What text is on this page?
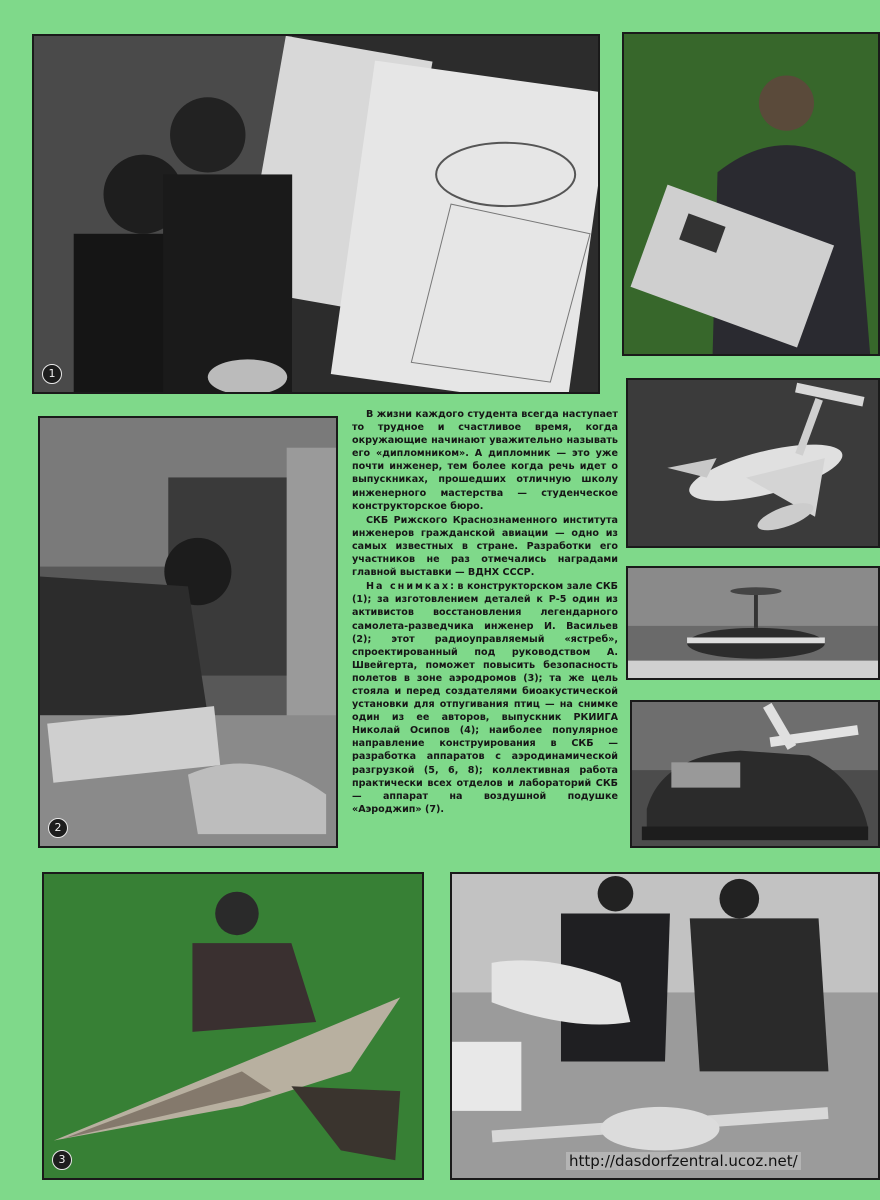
1
2
3

В жизни каждого студента всегда наступает то трудное и счастливое время, когда окружающие начинают уважительно называть его «дипломником». А дипломник — это уже почти инженер, тем более когда речь идет о выпускниках, прошедших отличную школу инженерного мастерства — студенческое конструкторское бюро.

СКБ Рижского Краснознаменного института инженеров гражданской авиации — одно из самых известных в стране. Разработки его участников не раз отмечались наградами главной выставки — ВДНХ СССР.

На снимках: в конструкторском зале СКБ (1); за изготовлением деталей к Р-5 один из активистов восстановления легендарного самолета-разведчика инженер И. Васильев (2); этот радиоуправляемый «ястреб», спроектированный под руководством А. Швейгерта, поможет повысить безопасность полетов в зоне аэродромов (3); та же цель стояла и перед создателями биоакустической установки для отпугивания птиц — на снимке один из ее авторов, выпускник РКИИГА Николай Осипов (4); наиболее популярное направление конструирования в СКБ — разработка аппаратов с аэродинамической разгрузкой (5, 6, 8); коллективная работа практически всех отделов и лабораторий СКБ — аппарат на воздушной подушке «Аэроджип» (7).

http://dasdorfzentral.ucoz.net/
